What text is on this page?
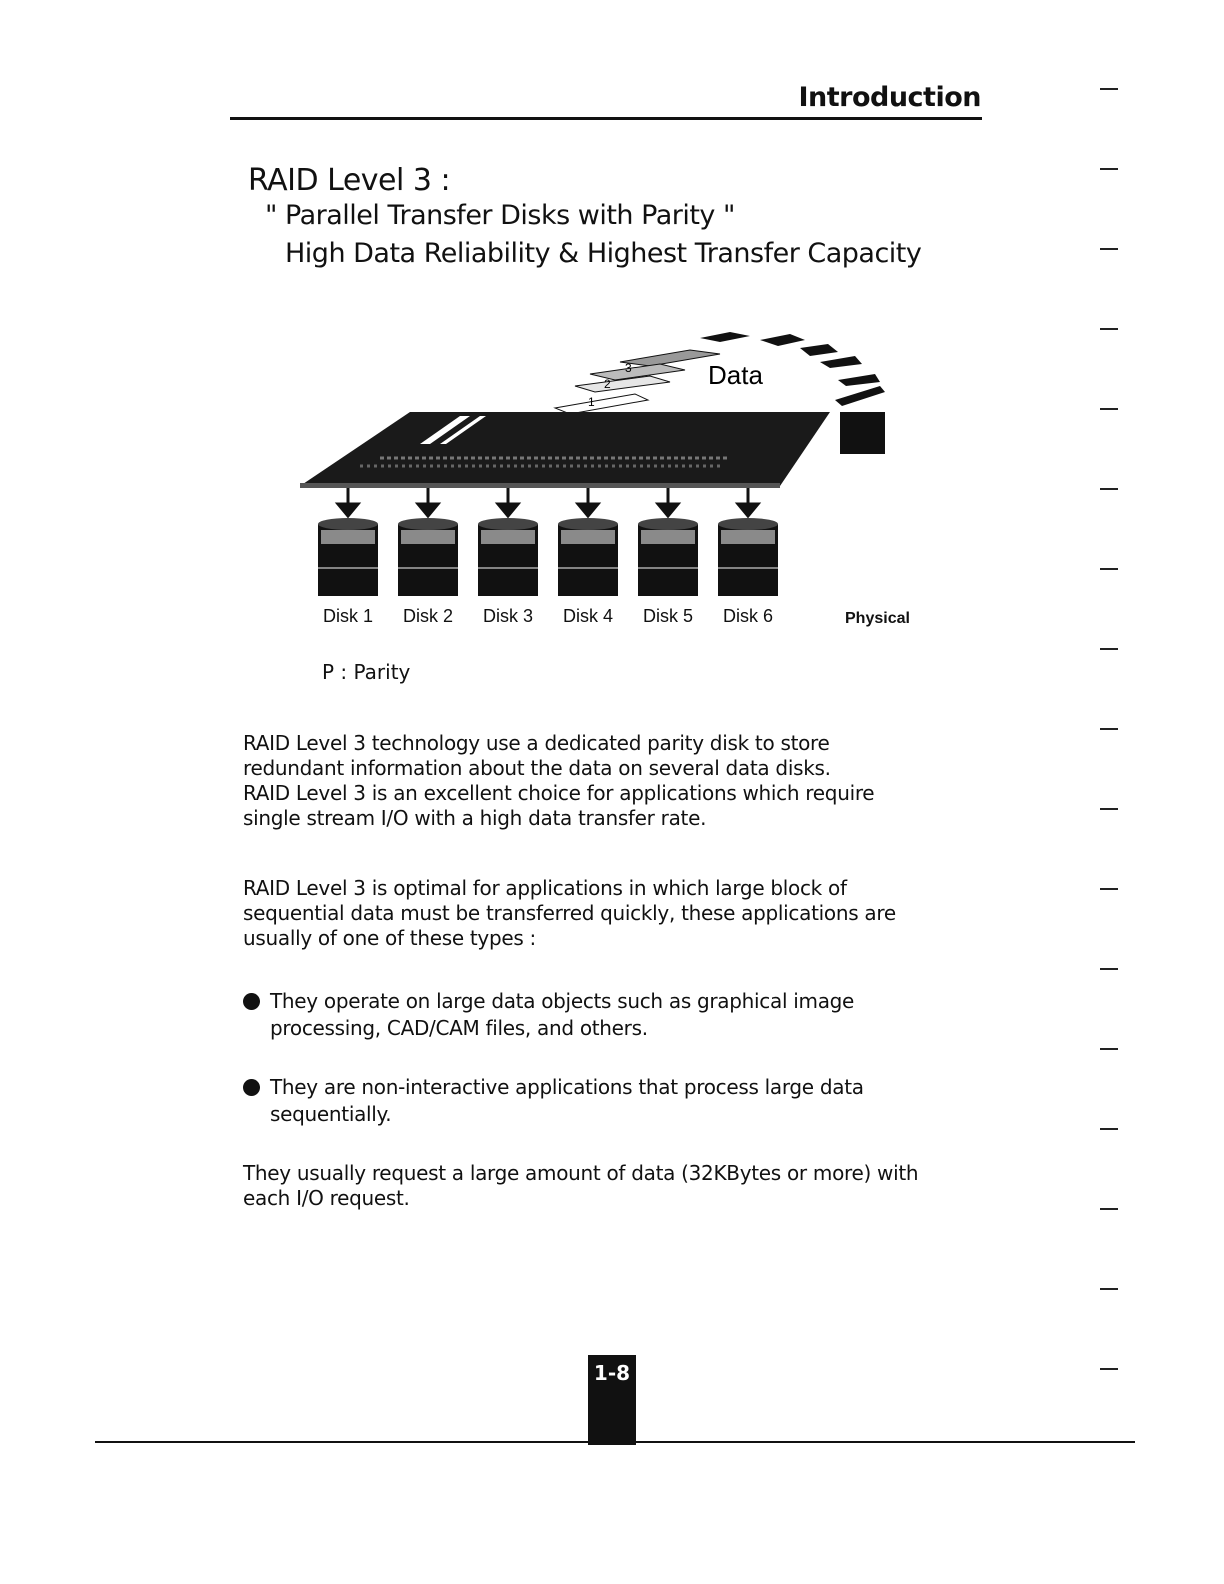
Introduction
RAID Level 3 :
" Parallel Transfer Disks with Parity "
High Data Reliability & Highest Transfer Capacity
1
2
3	Data
Disk 1 Disk 2 Disk 3 Disk 4 Disk 5 Disk 6	Physical
P : Parity
RAID Level 3 technology use a dedicated parity disk to store
redundant information about the data on several data disks.
RAID Level 3 is an excellent choice for applications which require
single stream I/O with a high data transfer rate.
RAID Level 3 is optimal for applications in which large block of
sequential data must be transferred quickly, these applications are
usually of one of these types :
They operate on large data objects such as graphical image
processing, CAD/CAM files, and others.
They are non-interactive applications that process large data
sequentially.
They usually request a large amount of data (32KBytes or more) with
each I/O request.
1-8
